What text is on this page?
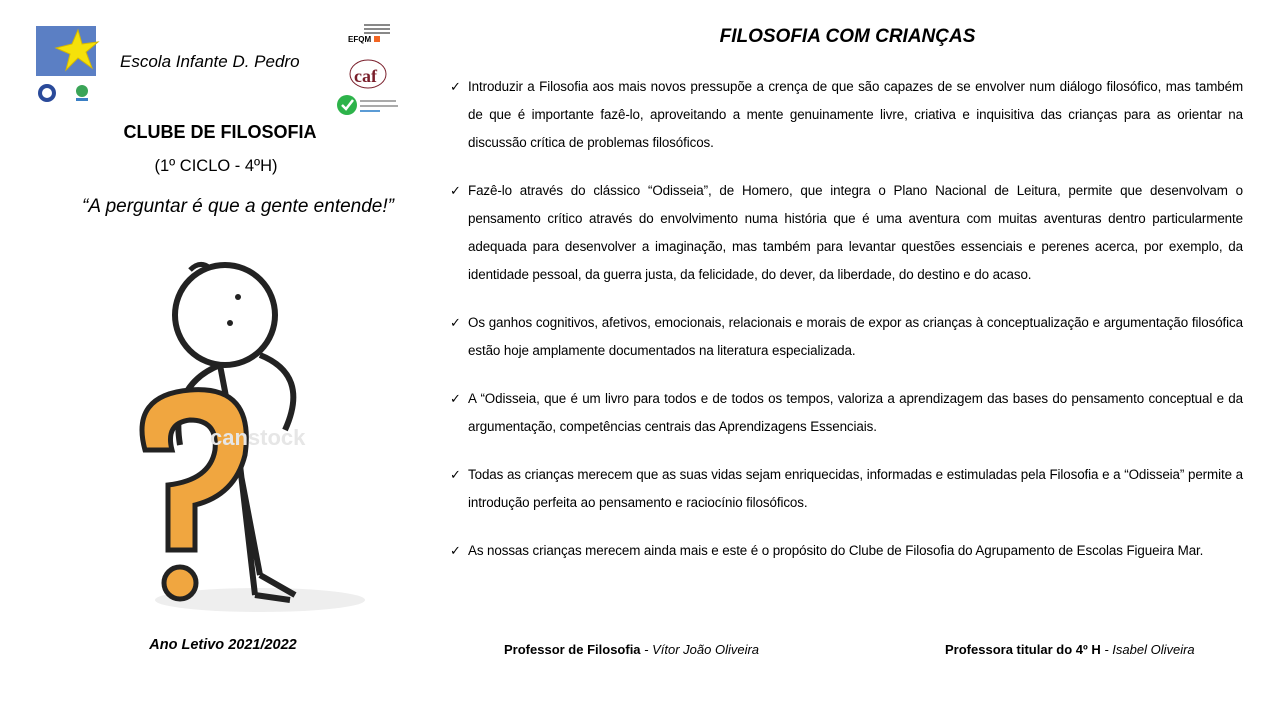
EFQM
caf
Escola Infante D. Pedro
CLUBE DE FILOSOFIA
(1º CICLO - 4ºH)
“A perguntar é que a gente entende!”
canstock
Ano Letivo 2021/2022
FILOSOFIA COM CRIANÇAS
✓ Introduzir a Filosofia aos mais novos pressupõe a crença de que são capazes de se envolver num diálogo filosófico, mas também de que é importante fazê-lo, aproveitando a mente genuinamente livre, criativa e inquisitiva das crianças para as orientar na discussão crítica de problemas filosóficos.
✓ Fazê-lo através do clássico “Odisseia”, de Homero, que integra o Plano Nacional de Leitura, permite que desenvolvam o pensamento crítico através do envolvimento numa história que é uma aventura com muitas aventuras dentro particularmente adequada para desenvolver a imaginação, mas também para levantar questões essenciais e perenes acerca, por exemplo, da identidade pessoal, da guerra justa, da felicidade, do dever, da liberdade, do destino e do acaso.
✓ Os ganhos cognitivos, afetivos, emocionais, relacionais e morais de expor as crianças à conceptualização e argumentação filosófica estão hoje amplamente documentados na literatura especializada.
✓ A “Odisseia, que é um livro para todos e de todos os tempos, valoriza a aprendizagem das bases do pensamento conceptual e da argumentação, competências centrais das Aprendizagens Essenciais.
✓ Todas as crianças merecem que as suas vidas sejam enriquecidas, informadas e estimuladas pela Filosofia e a “Odisseia” permite a introdução perfeita ao pensamento e raciocínio filosóficos.
✓ As nossas crianças merecem ainda mais e este é o propósito do Clube de Filosofia do Agrupamento de Escolas Figueira Mar.
Professor de Filosofia - Vítor João Oliveira	Professora titular do 4º H - Isabel Oliveira
